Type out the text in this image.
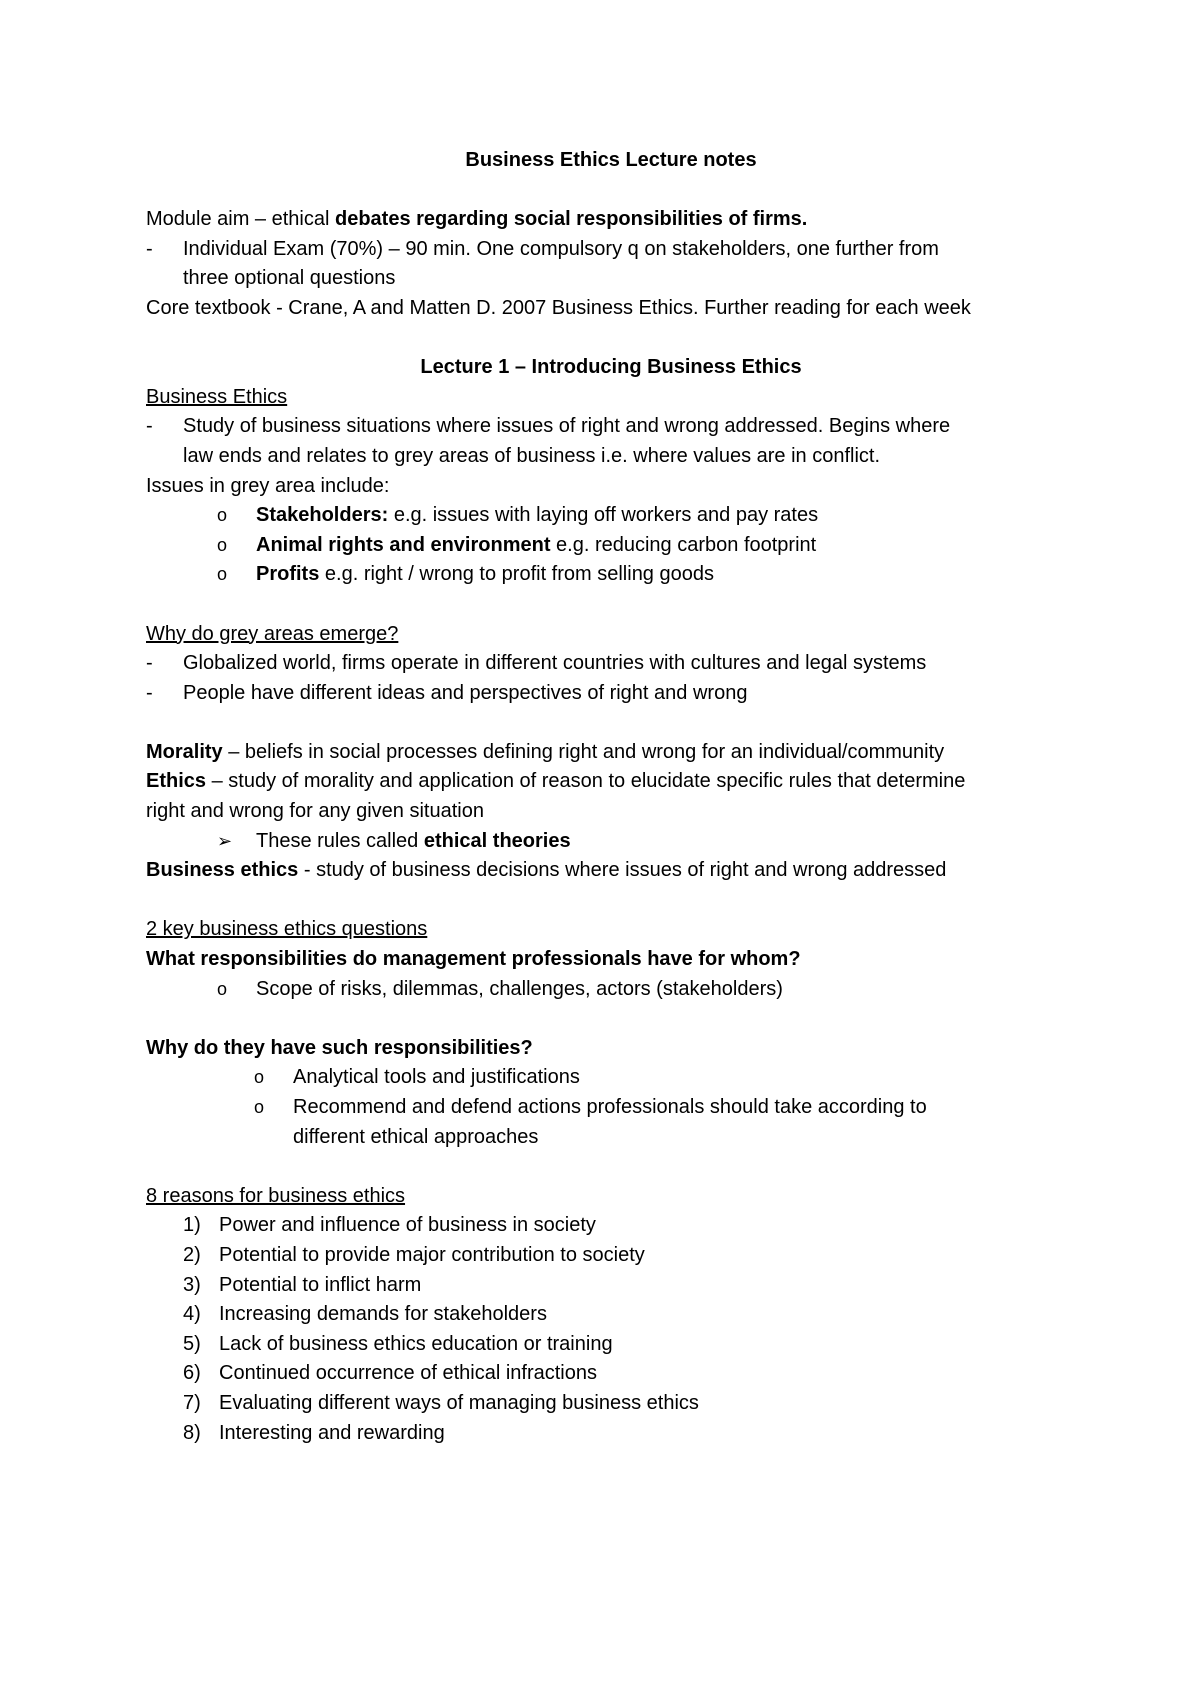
Business Ethics Lecture notes
Module aim – ethical debates regarding social responsibilities of firms.
-	Individual Exam (70%) – 90 min. One compulsory q on stakeholders, one further from
three optional questions
Core textbook - Crane, A and Matten D. 2007 Business Ethics. Further reading for each week
Lecture 1 – Introducing Business Ethics
Business Ethics
-	Study of business situations where issues of right and wrong addressed. Begins where
law ends and relates to grey areas of business i.e. where values are in conflict.
Issues in grey area include:
o	Stakeholders: e.g. issues with laying off workers and pay rates
o	Animal rights and environment e.g. reducing carbon footprint
o	Profits e.g. right / wrong to profit from selling goods
Why do grey areas emerge?
-	Globalized world, firms operate in different countries with cultures and legal systems
-	People have different ideas and perspectives of right and wrong
Morality – beliefs in social processes defining right and wrong for an individual/community
Ethics – study of morality and application of reason to elucidate specific rules that determine
right and wrong for any given situation
➢	These rules called ethical theories
Business ethics - study of business decisions where issues of right and wrong addressed
2 key business ethics questions
What responsibilities do management professionals have for whom?
o	Scope of risks, dilemmas, challenges, actors (stakeholders)
Why do they have such responsibilities?
o	Analytical tools and justifications
o	Recommend and defend actions professionals should take according to
different ethical approaches
8 reasons for business ethics
1) Power and influence of business in society
2) Potential to provide major contribution to society
3) Potential to inflict harm
4) Increasing demands for stakeholders
5) Lack of business ethics education or training
6) Continued occurrence of ethical infractions
7) Evaluating different ways of managing business ethics
8) Interesting and rewarding
